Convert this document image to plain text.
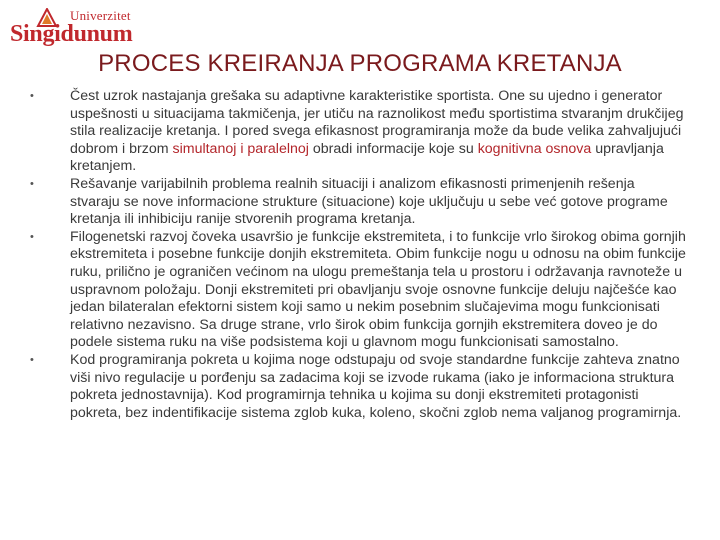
Univerzitet
Singidunum
PROCES KREIRANJA PROGRAMA KRETANJA
•	Čest uzrok nastajanja grešaka su adaptivne karakteristike sportista. One su ujedno i generator uspešnosti u situacijama takmičenja, jer utiču na raznolikost među sportistima stvaranjm drukčijeg stila realizacije kretanja. I pored svega efikasnost programiranja može da bude velika zahvaljujući dobrom i brzom simultanoj i paralelnoj obradi informacije koje su kognitivna osnova upravljanja kretanjem.
•	Rešavanje varijabilnih problema realnih situaciji i analizom efikasnosti primenjenih rešenja stvaraju se nove informacione strukture (situacione) koje uključuju u sebe već gotove programe kretanja ili inhibiciju ranije stvorenih programa kretanja.
•	Filogenetski razvoj čoveka usavršio je funkcije ekstremiteta, i to funkcije vrlo širokog obima gornjih ekstremiteta i posebne funkcije donjih ekstremiteta. Obim funkcije nogu u odnosu na obim funkcije ruku, prilično je ograničen većinom na ulogu premeštanja tela u prostoru i održavanja ravnoteže u uspravnom položaju. Donji ekstremiteti pri obavljanju svoje osnovne funkcije deluju najčešće kao jedan bilateralan efektorni sistem koji samo u nekim posebnim slučajevima mogu funkcionisati relativno nezavisno. Sa druge strane, vrlo širok obim funkcija gornjih ekstremitera doveo je do podele sistema ruku na više podsistema koji u glavnom mogu funkcionisati samostalno.
•	Kod programiranja pokreta u kojima noge odstupaju od svoje standardne funkcije zahteva znatno viši nivo regulacije u porđenju sa zadacima koji se izvode rukama (iako je informaciona struktura pokreta jednostavnija). Kod programirnja tehnika u kojima su donji ekstremiteti protagonisti pokreta, bez indentifikacije sistema zglob kuka, koleno, skočni zglob nema valjanog programirnja.
